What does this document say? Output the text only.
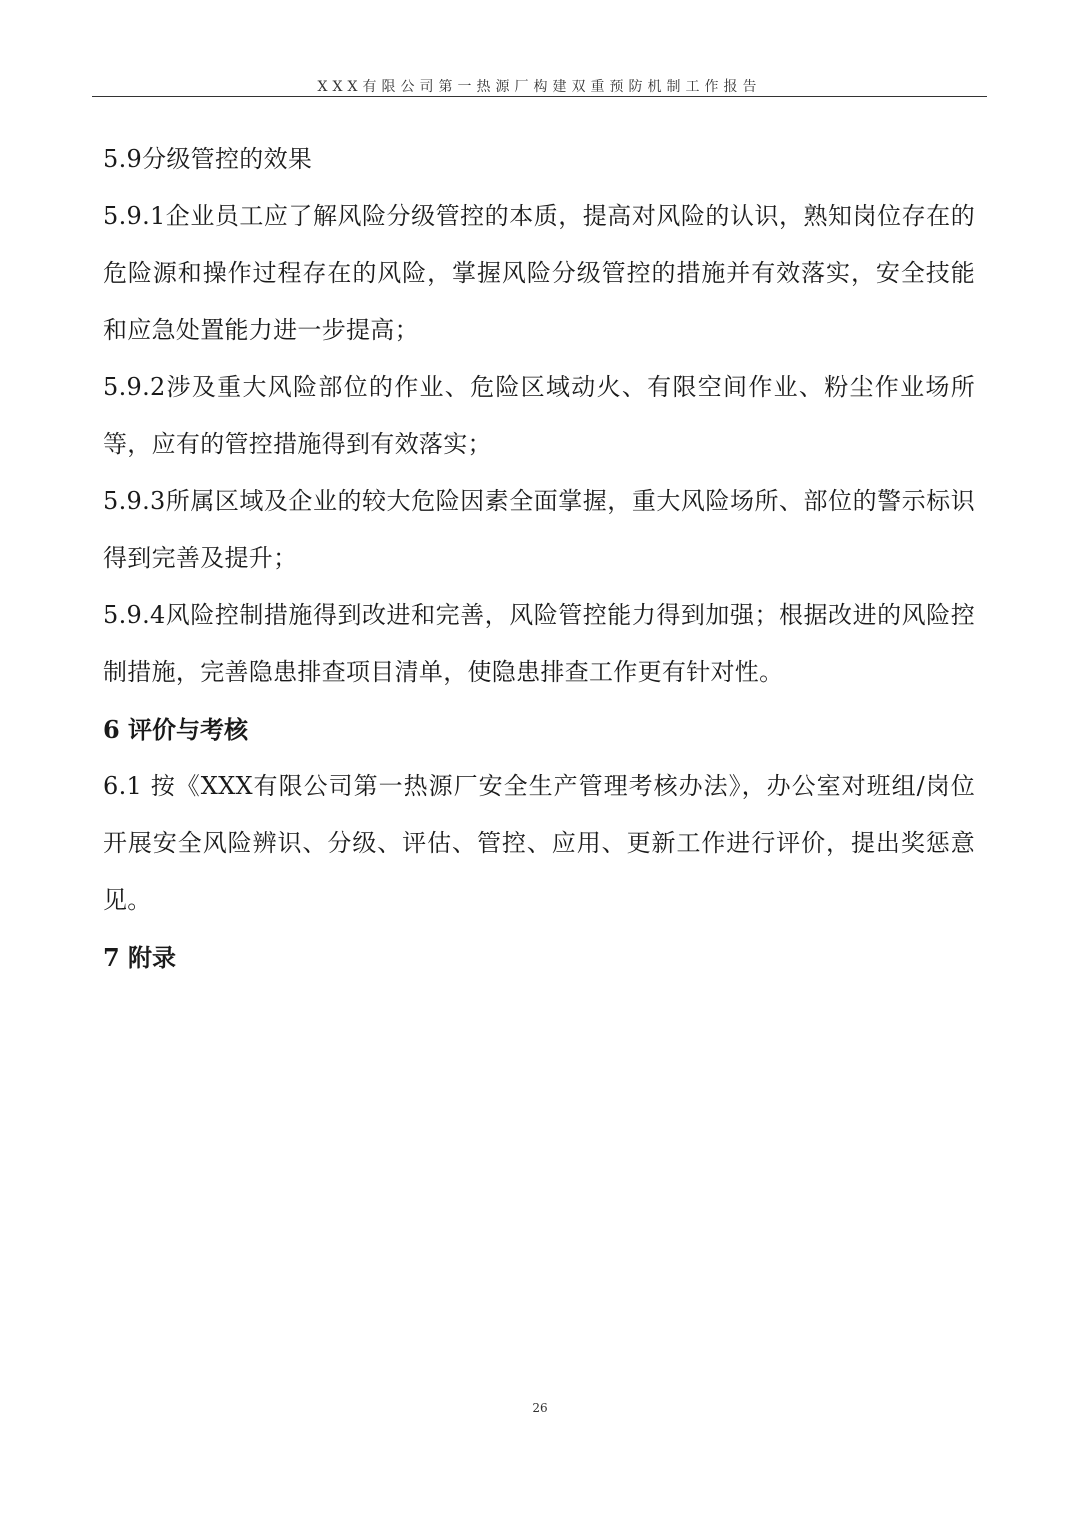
XXX有限公司第一热源厂构建双重预防机制工作报告

5.9分级管控的效果

5.9.1企业员工应了解风险分级管控的本质，提高对风险的认识，熟知岗位存在的危险源和操作过程存在的风险，掌握风险分级管控的措施并有效落实，安全技能和应急处置能力进一步提高；

5.9.2涉及重大风险部位的作业、危险区域动火、有限空间作业、粉尘作业场所等，应有的管控措施得到有效落实；

5.9.3所属区域及企业的较大危险因素全面掌握，重大风险场所、部位的警示标识得到完善及提升；

5.9.4风险控制措施得到改进和完善，风险管控能力得到加强；根据改进的风险控制措施，完善隐患排查项目清单，使隐患排查工作更有针对性。

6 评价与考核

6.1 按《XXX有限公司第一热源厂安全生产管理考核办法》，办公室对班组/岗位开展安全风险辨识、分级、评估、管控、应用、更新工作进行评价，提出奖惩意见。

7 附录

26
